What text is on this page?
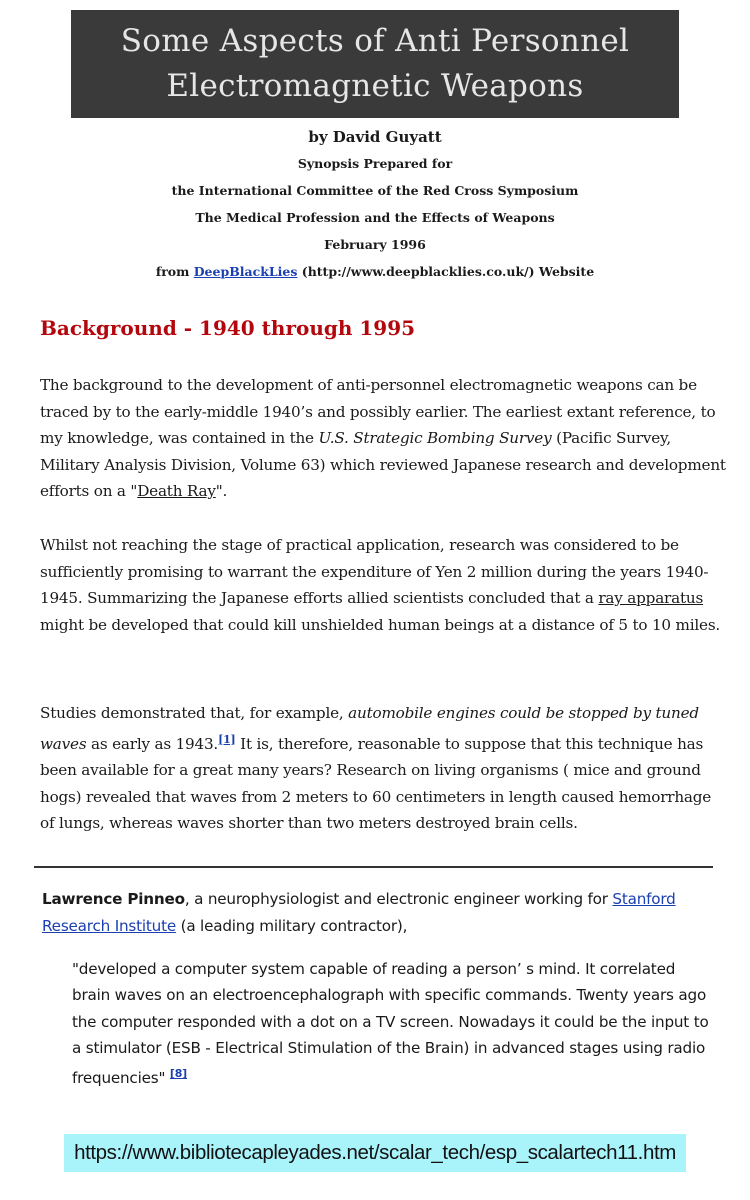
Some Aspects of Anti Personnel
Electromagnetic Weapons
by David Guyatt
Synopsis Prepared for
the International Committee of the Red Cross Symposium
The Medical Profession and the Effects of Weapons
February 1996
from DeepBlackLies (http://www.deepblacklies.co.uk/) Website
Background - 1940 through 1995
The background to the development of anti-personnel electromagnetic weapons can be traced by to the early-middle 1940’s and possibly earlier. The earliest extant reference, to my knowledge, was contained in the U.S. Strategic Bombing Survey (Pacific Survey, Military Analysis Division, Volume 63) which reviewed Japanese research and development efforts on a "Death Ray".
Whilst not reaching the stage of practical application, research was considered to be sufficiently promising to warrant the expenditure of Yen 2 million during the years 1940-1945. Summarizing the Japanese efforts allied scientists concluded that a ray apparatus might be developed that could kill unshielded human beings at a distance of 5 to 10 miles.
Studies demonstrated that, for example, automobile engines could be stopped by tuned waves as early as 1943.[1] It is, therefore, reasonable to suppose that this technique has been available for a great many years? Research on living organisms ( mice and ground hogs) revealed that waves from 2 meters to 60 centimeters in length caused hemorrhage of lungs, whereas waves shorter than two meters destroyed brain cells.
Lawrence Pinneo, a neurophysiologist and electronic engineer working for Stanford Research Institute (a leading military contractor),
"developed a computer system capable of reading a person’ s mind. It correlated brain waves on an electroencephalograph with specific commands. Twenty years ago the computer responded with a dot on a TV screen. Nowadays it could be the input to a stimulator (ESB - Electrical Stimulation of the Brain) in advanced stages using radio frequencies" [8]
https://www.bibliotecapleyades.net/scalar_tech/esp_scalartech11.htm
